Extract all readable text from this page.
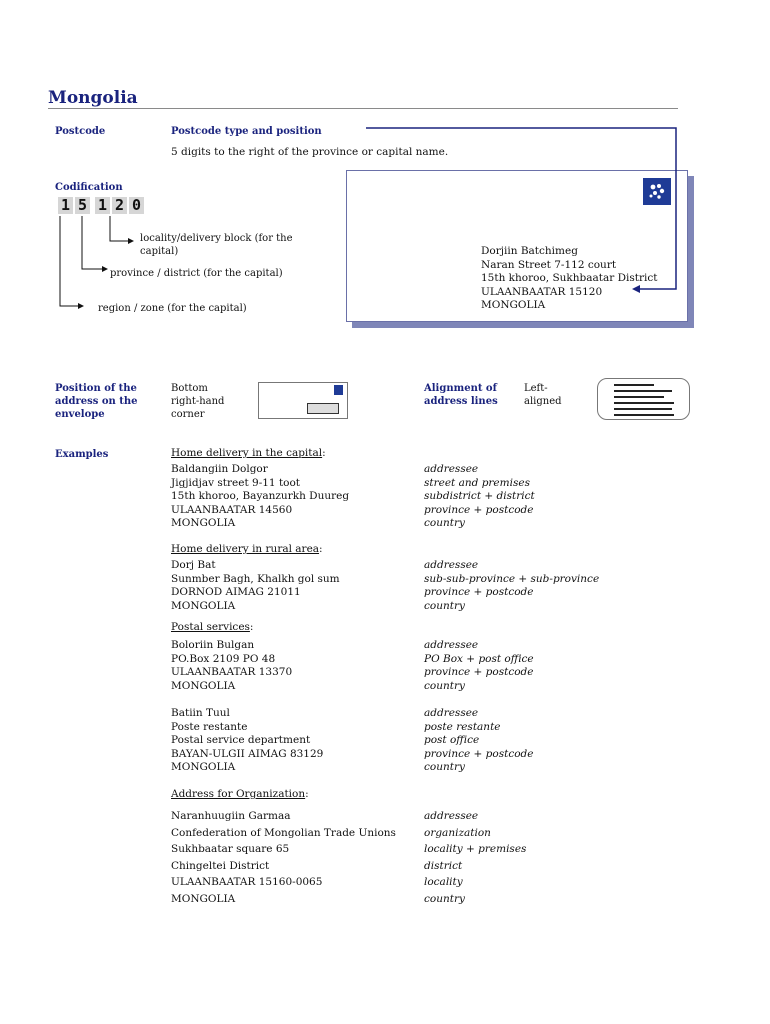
Mongolia
Postcode	Postcode type and position
5 digits to the right of the province or capital name.
Codification
1 5 1 2 0
locality/delivery block (for the
capital)
province / district (for the capital)
region / zone (for the capital)
Dorjiin Batchimeg
Naran Street 7-112 court
15th khoroo, Sukhbaatar District
ULAANBAATAR 15120
MONGOLIA
Position of the
address on the
envelope
Bottom
right-hand
corner
Alignment of
address lines
Left-
aligned
Examples	Home delivery in the capital:
Baldangiin Dolgor
Jigjidjav street 9-11 toot
15th khoroo, Bayanzurkh Duureg
ULAANBAATAR 14560
MONGOLIA
addressee
street and premises
subdistrict + district
province + postcode
country
Home delivery in rural area:
Dorj Bat
Sunmber Bagh, Khalkh gol sum
DORNOD AIMAG 21011
MONGOLIA
addressee
sub-sub-province + sub-province
province + postcode
country
Postal services:
Boloriin Bulgan
PO.Box 2109 PO 48
ULAANBAATAR 13370
MONGOLIA
addressee
PO Box + post office
province + postcode
country
Batiin Tuul
Poste restante
Postal service department
BAYAN-ULGII AIMAG 83129
MONGOLIA
addressee
poste restante
post office
province + postcode
country
Address for Organization:
Naranhuugiin Garmaa
Confederation of Mongolian Trade Unions
Sukhbaatar square 65
Chingeltei District
ULAANBAATAR 15160-0065
MONGOLIA
addressee
organization
locality + premises
district
locality
country
